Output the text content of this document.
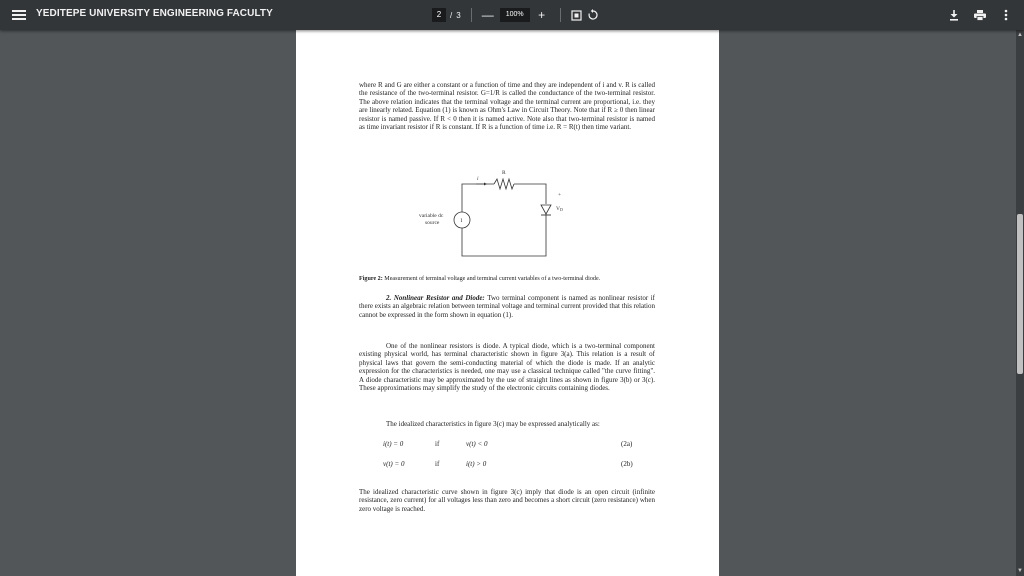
YEDITEPE UNIVERSITY ENGINEERING FACULTY	2	/ 3 —	100%	+
▲
▼

where R and G are either a constant or a function of time and they are independent of i and v. R is called the resistance of the two-terminal resistor. G=1/R is called the conductance of the two-terminal resistor. The above relation indicates that the terminal voltage and the terminal current are proportional, i.e. they are linearly related. Equation (1) is known as Ohm's Law in Circuit Theory. Note that if R ≥ 0 then linear resistor is named passive. If R < 0 then it is named active. Note also that two-terminal resistor is named as time invariant resistor if R is constant. If R is a function of time i.e. R = R(t) then time variant.

I
R
i
+
VD
variable dc
source
Figure 2: Measurement of terminal voltage and terminal current variables of a two-terminal diode.

2. Nonlinear Resistor and Diode: Two terminal component is named as nonlinear resistor if there exists an algebraic relation between terminal voltage and terminal current provided that this relation cannot be expressed in the form shown in equation (1).

One of the nonlinear resistors is diode. A typical diode, which is a two-terminal component existing physical world, has terminal characteristic shown in figure 3(a). This relation is a result of physical laws that govern the semi-conducting material of which the diode is made. If an analytic expression for the characteristics is needed, one may use a classical technique called "the curve fitting". A diode characteristic may be approximated by the use of straight lines as shown in figure 3(b) or 3(c). These approximations may simplify the study of the electronic circuits containing diodes.

The idealized characteristics in figure 3(c) may be expressed analytically as:

i(t) = 0	if	v(t) < 0	(2a)
v(t) = 0	if	i(t) > 0	(2b)

The idealized characteristic curve shown in figure 3(c) imply that diode is an open circuit (infinite resistance, zero current) for all voltages less than zero and becomes a short circuit (zero resistance) when zero voltage is reached.
